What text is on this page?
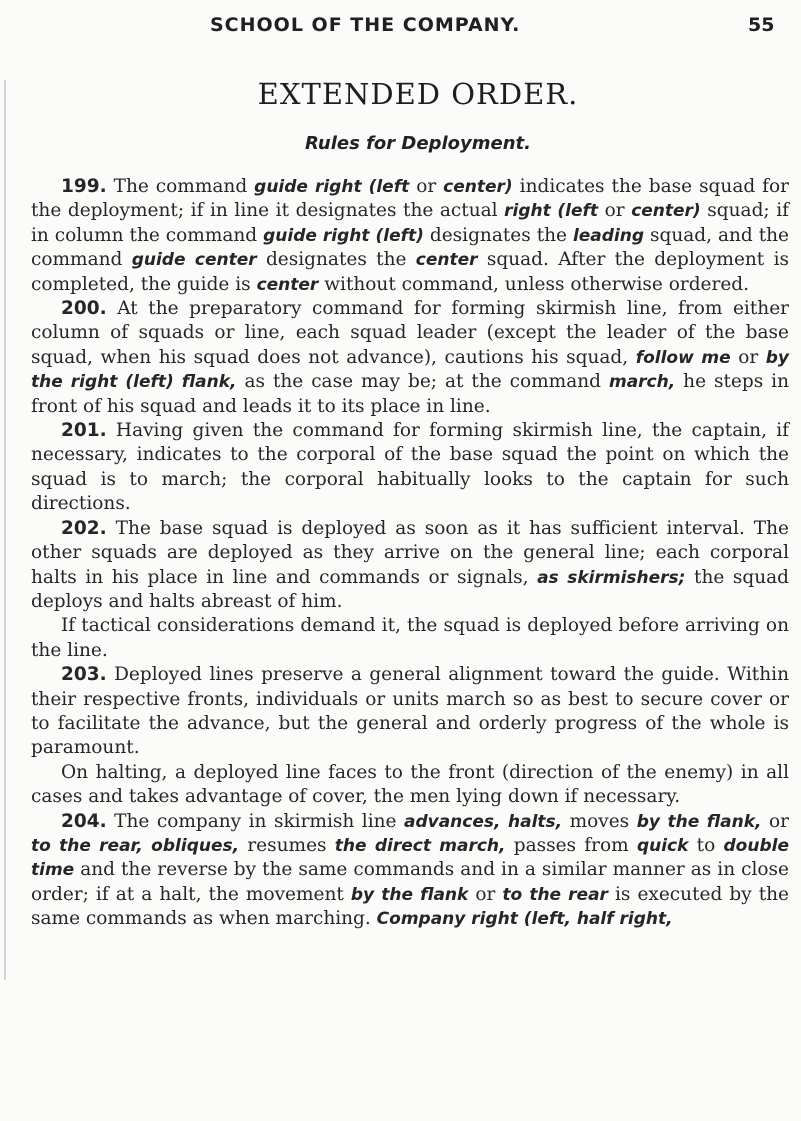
SCHOOL OF THE COMPANY.	55
EXTENDED ORDER.
Rules for Deployment.

199. The command guide right (left or center) indicates the base squad for the deployment; if in line it designates the actual right (left or center) squad; if in column the command guide right (left) designates the leading squad, and the command guide center designates the center squad. After the deployment is completed, the guide is center without command, unless otherwise ordered.

200. At the preparatory command for forming skirmish line, from either column of squads or line, each squad leader (except the leader of the base squad, when his squad does not advance), cautions his squad, follow me or by the right (left) flank, as the case may be; at the command march, he steps in front of his squad and leads it to its place in line.

201. Having given the command for forming skirmish line, the captain, if necessary, indicates to the corporal of the base squad the point on which the squad is to march; the corporal habitually looks to the captain for such directions.

202. The base squad is deployed as soon as it has sufficient interval. The other squads are deployed as they arrive on the general line; each corporal halts in his place in line and commands or signals, as skirmishers; the squad deploys and halts abreast of him.

If tactical considerations demand it, the squad is deployed before arriving on the line.

203. Deployed lines preserve a general alignment toward the guide. Within their respective fronts, individuals or units march so as best to secure cover or to facilitate the advance, but the general and orderly progress of the whole is paramount.

On halting, a deployed line faces to the front (direction of the enemy) in all cases and takes advantage of cover, the men lying down if necessary.

204. The company in skirmish line advances, halts, moves by the flank, or to the rear, obliques, resumes the direct march, passes from quick to double time and the reverse by the same commands and in a similar manner as in close order; if at a halt, the movement by the flank or to the rear is executed by the same commands as when marching. Company right (left, half right,
